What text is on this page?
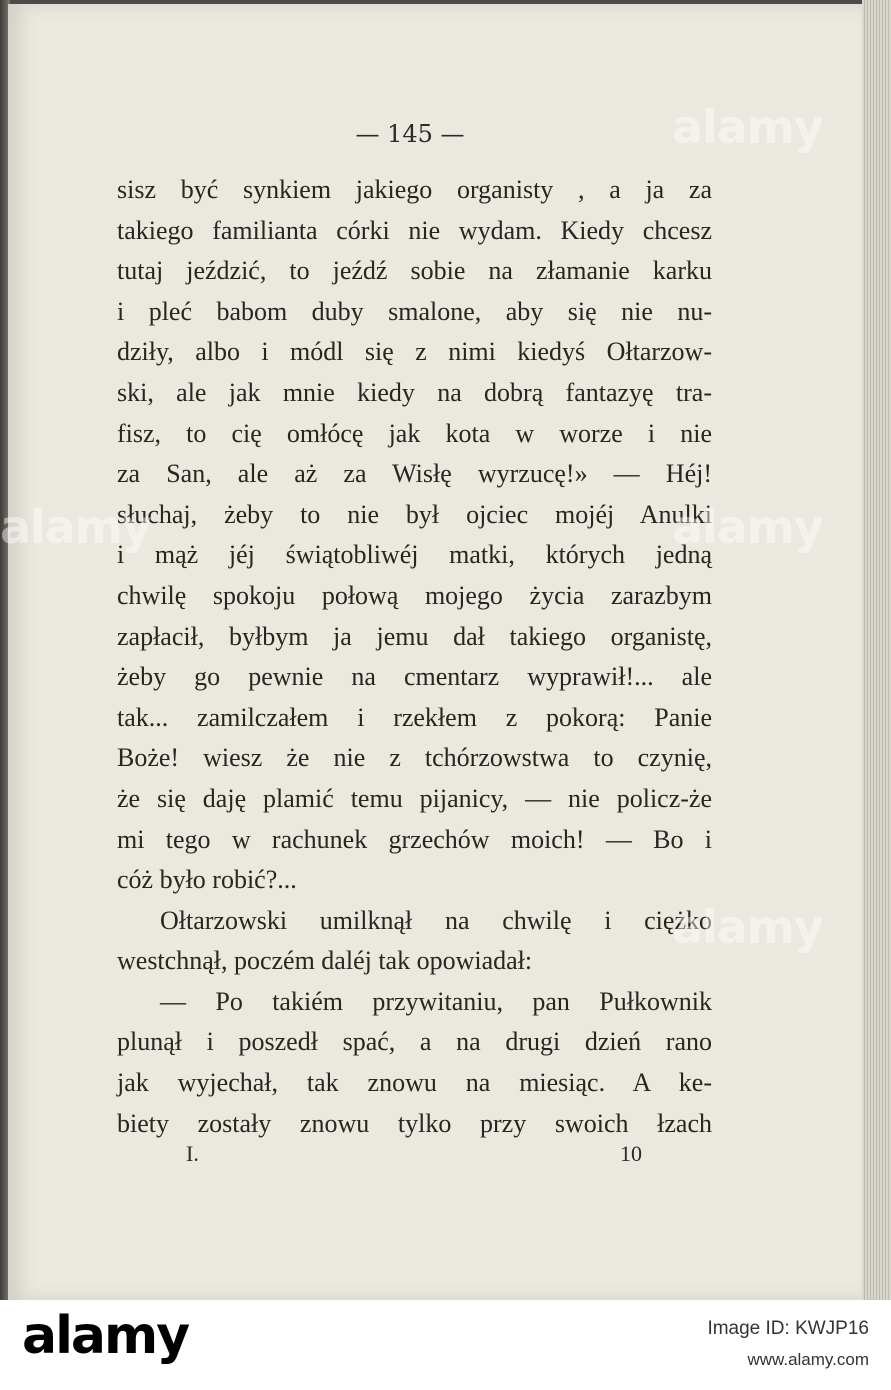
— 145 —
sisz być synkiem jakiego organisty , a ja za
takiego familianta córki nie wydam. Kiedy chcesz
tutaj jeździć, to jeźdź sobie na złamanie karku
i pleć babom duby smalone, aby się nie nu-
dziły, albo i módl się z nimi kiedyś Ołtarzow-
ski, ale jak mnie kiedy na dobrą fantazyę tra-
fisz, to cię omłócę jak kota w worze i nie
za San, ale aż za Wisłę wyrzucę!» — Héj!
słuchaj, żeby to nie był ojciec mojéj Anulki
i mąż jéj świątobliwéj matki, których jedną
chwilę spokoju połową mojego życia zarazbym
zapłacił, byłbym ja jemu dał takiego organistę,
żeby go pewnie na cmentarz wyprawił!... ale
tak... zamilczałem i rzekłem z pokorą: Panie
Boże! wiesz że nie z tchórzowstwa to czynię,
że się daję plamić temu pijanicy, — nie policz-że
mi tego w rachunek grzechów moich! — Bo i
cóż było robić?...
Ołtarzowski umilknął na chwilę i ciężko
westchnął, poczém daléj tak opowiadał:
— Po takiém przywitaniu, pan Pułkownik
plunął i poszedł spać, a na drugi dzień rano
jak wyjechał, tak znowu na miesiąc. A ke-
biety zostały znowu tylko przy swoich łzach
I.	10
alamy
alamy
alamy
alamy
alamy	Image ID: KWJP16
www.alamy.com
